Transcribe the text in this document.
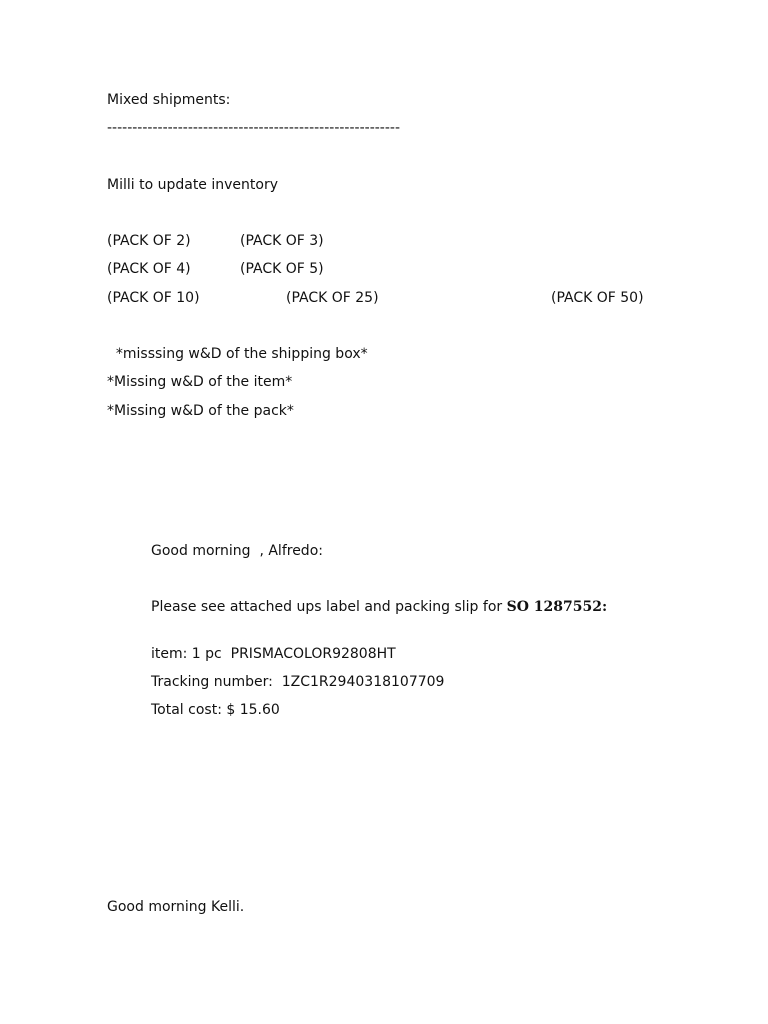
Mixed shipments:
----------------------------------------------------------
Milli to update inventory
(PACK OF 2)	(PACK OF 3)
(PACK OF 4)	(PACK OF 5)
(PACK OF 10)	(PACK OF 25)	(PACK OF 50)
*misssing w&D of the shipping box*
*Missing w&D of the item*
*Missing w&D of the pack*
Good morning  , Alfredo:
Please see attached ups label and packing slip for SO 1287552:
item: 1 pc  PRISMACOLOR92808HT
Tracking number:  1ZC1R2940318107709
Total cost: $ 15.60
Good morning Kelli.
